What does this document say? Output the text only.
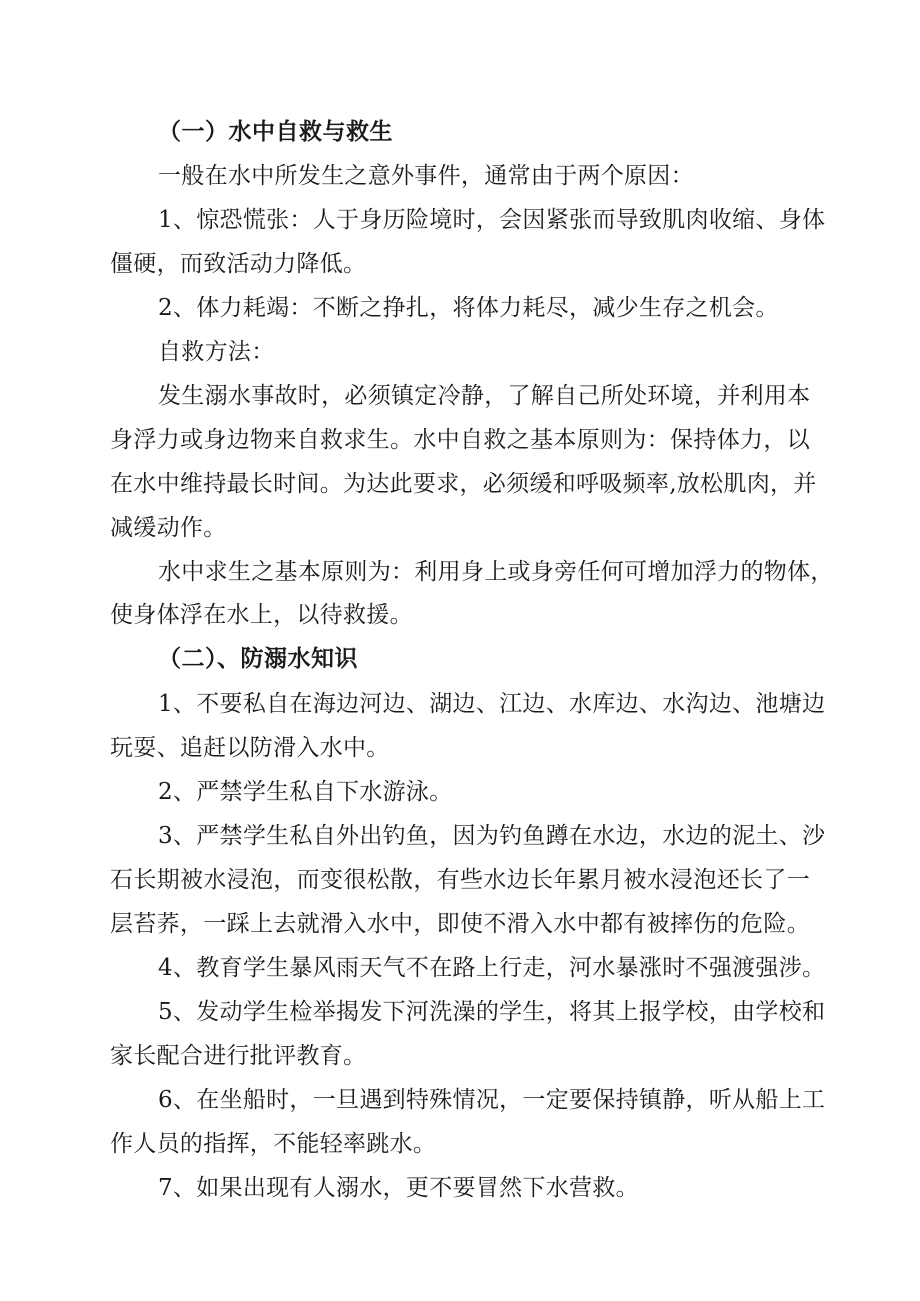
（一）水中自救与救生
一般在水中所发生之意外事件，通常由于两个原因：
1、惊恐慌张：人于身历险境时，会因紧张而导致肌肉收缩、身体
僵硬，而致活动力降低。
2、体力耗竭：不断之挣扎，将体力耗尽，减少生存之机会。
自救方法：
发生溺水事故时，必须镇定冷静，了解自己所处环境，并利用本
身浮力或身边物来自救求生。水中自救之基本原则为：保持体力，以
在水中维持最长时间。为达此要求，必须缓和呼吸频率,放松肌肉，并
减缓动作。
水中求生之基本原则为：利用身上或身旁任何可增加浮力的物体，
使身体浮在水上，以待救援。
（二）、防溺水知识
1、不要私自在海边河边、湖边、江边、水库边、水沟边、池塘边
玩耍、追赶以防滑入水中。
2、严禁学生私自下水游泳。
3、严禁学生私自外出钓鱼，因为钓鱼蹲在水边，水边的泥土、沙
石长期被水浸泡，而变很松散，有些水边长年累月被水浸泡还长了一
层苔荞，一踩上去就滑入水中，即使不滑入水中都有被摔伤的危险。
4、教育学生暴风雨天气不在路上行走，河水暴涨时不强渡强涉。
5、发动学生检举揭发下河洗澡的学生，将其上报学校，由学校和
家长配合进行批评教育。
6、在坐船时，一旦遇到特殊情况，一定要保持镇静，听从船上工
作人员的指挥，不能轻率跳水。
7、如果出现有人溺水，更不要冒然下水营救。
